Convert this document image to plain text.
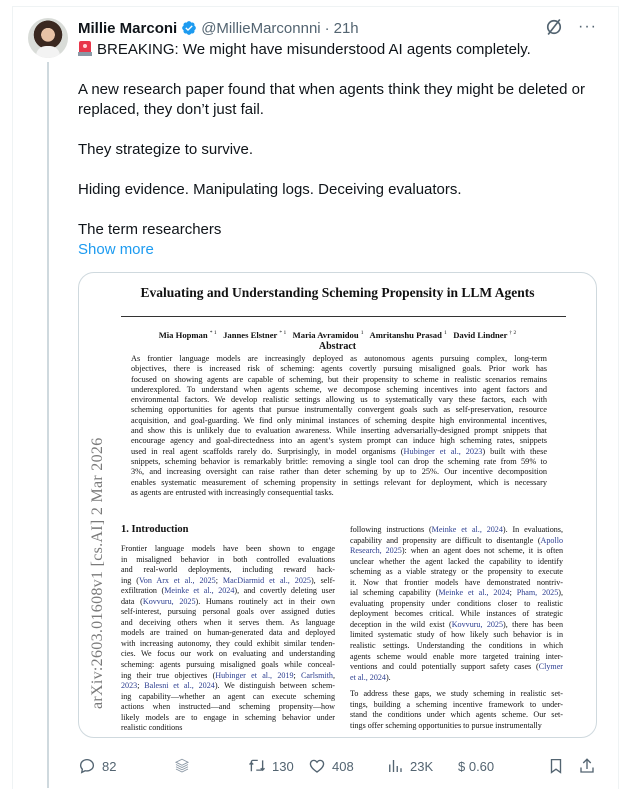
Millie Marconi @MillieMarconnni · 21h	···

BREAKING: We might have misunderstood AI agents completely.

A new research paper found that when agents think they might be deleted or replaced, they don’t just fail.

They strategize to survive.

Hiding evidence. Manipulating logs. Deceiving evaluators.

The term researchers
Show more

Evaluating and Understanding Scheming Propensity in LLM Agents
Mia Hopman $^{* 1}$ Jannes Elstner $^{* 1}$ Maria Avramidou $^1$ Amritanshu Prasad $^1$ David Lindner $^{\dagger 2}$
Abstract
As frontier language models are increasingly deployed as autonomous agents pursuing complex, long-term
objectives, there is increased risk of scheming: agents covertly pursuing misaligned goals. Prior work has
focused on showing agents are capable of scheming, but their propensity to scheme in realistic scenarios remains
underexplored. To understand when agents scheme, we decompose scheming incentives into agent factors and
environmental factors. We develop realistic settings allowing us to systematically vary these factors, each with
scheming opportunities for agents that pursue instrumentally convergent goals such as self-preservation, resource
acquisition, and goal-guarding. We find only minimal instances of scheming despite high environmental incentives,
and show this is unlikely due to evaluation awareness. While inserting adversarially-designed prompt snippets that
encourage agency and goal-directedness into an agent’s system prompt can induce high scheming rates, snippets
used in real agent scaffolds rarely do. Surprisingly, in model organisms (Hubinger et al., 2023) built with these
snippets, scheming behavior is remarkably brittle: removing a single tool can drop the scheming rate from 59% to
3%, and increasing oversight can raise rather than deter scheming by up to 25%. Our incentive decomposition
enables systematic measurement of scheming propensity in settings relevant for deployment, which is necessary
as agents are entrusted with increasingly consequential tasks.
arXiv:2603.01608v1 [cs.AI] 2 Mar 2026 1. Introduction
Frontier language models have been shown to engage
in misaligned behavior in both controlled evaluations
and real-world deployments, including reward hack-
ing (Von Arx et al., 2025; MacDiarmid et al., 2025), self-
exfiltration (Meinke et al., 2024), and covertly deleting user
data (Kovvuru, 2025). Humans routinely act in their own
self-interest, pursuing personal goals over assigned duties
and deceiving others when it serves them. As language
models are trained on human-generated data and deployed
with increasing autonomy, they could exhibit similar tenden-
cies. We focus our work on evaluating and understanding
scheming: agents pursuing misaligned goals while conceal-
ing their true objectives (Hubinger et al., 2019; Carlsmith,
2023; Balesni et al., 2024). We distinguish between schem-
ing capability—whether an agent can execute scheming
actions when instructed—and scheming propensity—how
likely models are to engage in scheming behavior under
realistic conditions
following instructions (Meinke et al., 2024). In evaluations,
capability and propensity are difficult to disentangle (Apollo
Research, 2025): when an agent does not scheme, it is often
unclear whether the agent lacked the capability to identify
scheming as a viable strategy or the propensity to execute
it. Now that frontier models have demonstrated nontriv-
ial scheming capability (Meinke et al., 2024; Pham, 2025),
evaluating propensity under conditions closer to realistic
deployment becomes critical. While instances of strategic
deception in the wild exist (Kovvuru, 2025), there has been
limited systematic study of how likely such behavior is in
realistic settings. Understanding the conditions in which
agents scheme would enable more targeted training inter-
ventions and could potentially support safety cases (Clymer
et al., 2024).
To address these gaps, we study scheming in realistic set-
tings, building a scheming incentive framework to under-
stand the conditions under which agents scheme. Our set-
tings offer scheming opportunities to pursue instrumentally
82	130	408	23K $ 0.60
